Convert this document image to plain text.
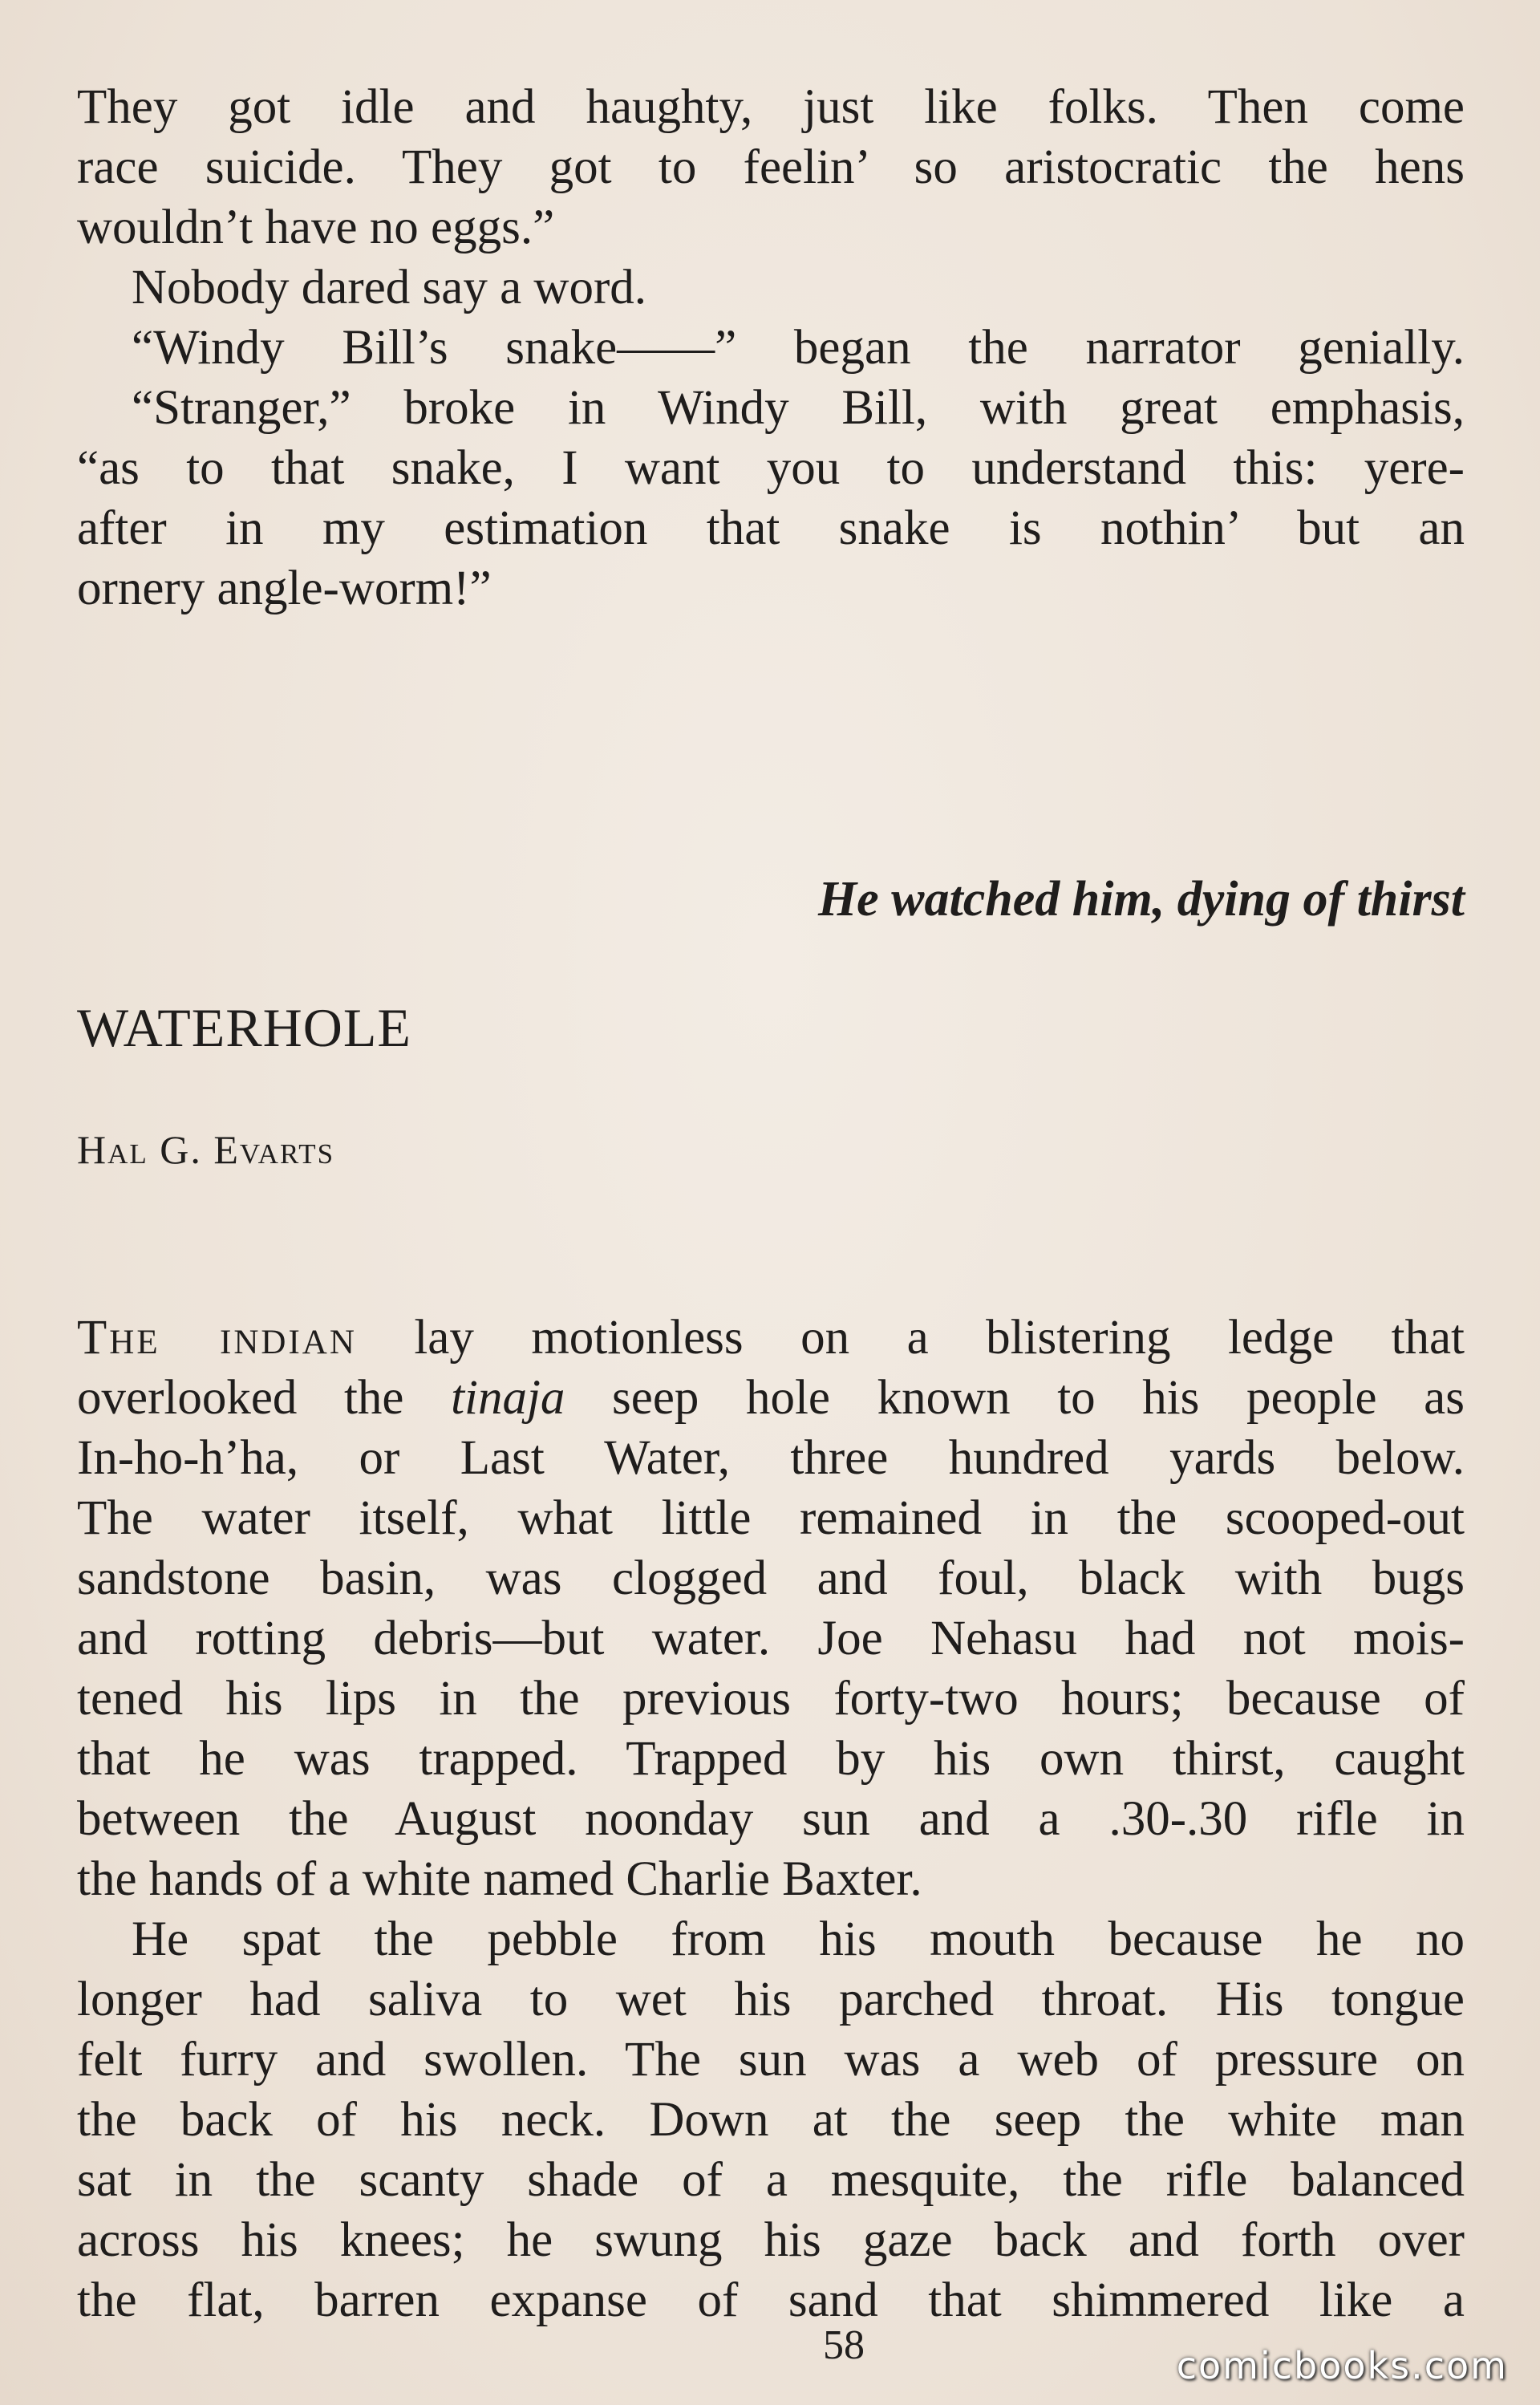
They got idle and haughty, just like folks. Then come
race suicide. They got to feelin’ so aristocratic the hens
wouldn’t have no eggs.”
Nobody dared say a word.
“Windy Bill’s snake——” began the narrator genially.
“Stranger,” broke in Windy Bill, with great emphasis,
“as to that snake, I want you to understand this: yere-
after in my estimation that snake is nothin’ but an
ornery angle-worm!”

He watched him, dying of thirst

WATERHOLE

Hal G. Evarts

The indian lay motionless on a blistering ledge that
overlooked the tinaja seep hole known to his people as
In-ho-h’ha, or Last Water, three hundred yards below.
The water itself, what little remained in the scooped-out
sandstone basin, was clogged and foul, black with bugs
and rotting debris—but water. Joe Nehasu had not mois-
tened his lips in the previous forty-two hours; because of
that he was trapped. Trapped by his own thirst, caught
between the August noonday sun and a .30-.30 rifle in
the hands of a white named Charlie Baxter.
He spat the pebble from his mouth because he no
longer had saliva to wet his parched throat. His tongue
felt furry and swollen. The sun was a web of pressure on
the back of his neck. Down at the seep the white man
sat in the scanty shade of a mesquite, the rifle balanced
across his knees; he swung his gaze back and forth over
the flat, barren expanse of sand that shimmered like a

58	comicbooks.com
